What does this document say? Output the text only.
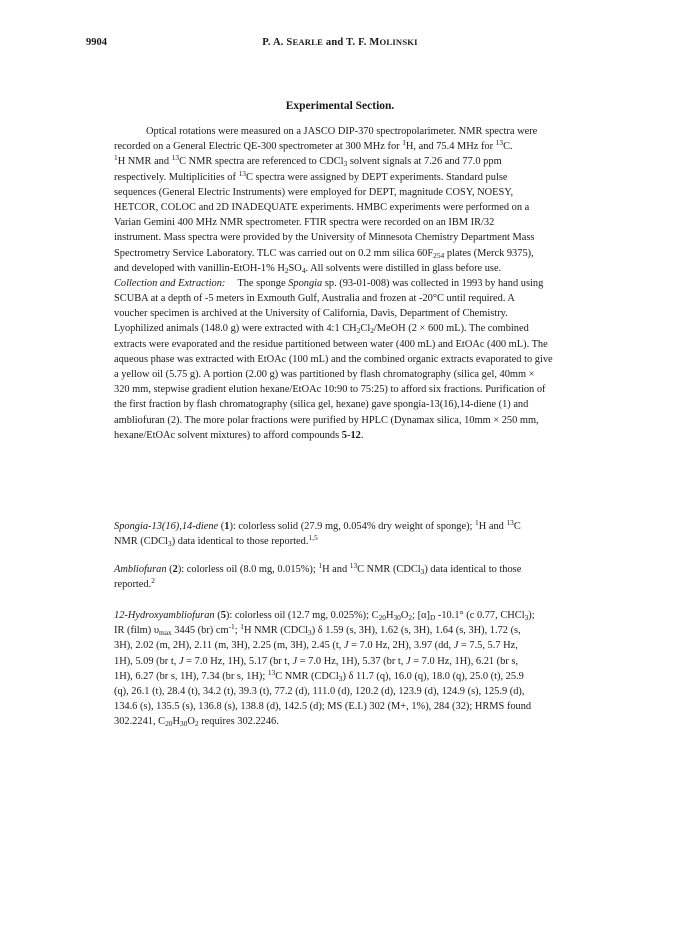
9904	P. A. SEARLE and T. F. MOLINSKI
Experimental Section.
Optical rotations were measured on a JASCO DIP-370 spectropolarimeter. NMR spectra were
recorded on a General Electric QE-300 spectrometer at 300 MHz for $^1$H, and 75.4 MHz for $^{13}$C.
$^1$H NMR and $^{13}$C NMR spectra are referenced to CDCl$_3$ solvent signals at 7.26 and 77.0 ppm
respectively. Multiplicities of $^{13}$C spectra were assigned by DEPT experiments. Standard pulse
sequences (General Electric Instruments) were employed for DEPT, magnitude COSY, NOESY,
HETCOR, COLOC and 2D INADEQUATE experiments. HMBC experiments were performed on a
Varian Gemini 400 MHz NMR spectrometer. FTIR spectra were recorded on an IBM IR/32
instrument. Mass spectra were provided by the University of Minnesota Chemistry Department Mass
Spectrometry Service Laboratory. TLC was carried out on 0.2 mm silica $60F_{254}$ plates (Merck 9375),
and developed with vanillin-EtOH-1% $H_2SO_4$. All solvents were distilled in glass before use.
Collection and Extraction: The sponge Spongia sp. (93-01-008) was collected in 1993 by hand using
SCUBA at a depth of -5 meters in Exmouth Gulf, Australia and frozen at -20°C until required. A
voucher specimen is archived at the University of California, Davis, Department of Chemistry.
Lyophilized animals (148.0 g) were extracted with 4:1 $CH_2Cl_2$/MeOH (2 × 600 mL). The combined
extracts were evaporated and the residue partitioned between water (400 mL) and EtOAc (400 mL). The
aqueous phase was extracted with EtOAc (100 mL) and the combined organic extracts evaporated to give
a yellow oil (5.75 g). A portion (2.00 g) was partitioned by flash chromatography (silica gel, 40mm ×
320 mm, stepwise gradient elution hexane/EtOAc 10:90 to 75:25) to afford six fractions. Purification of
the first fraction by flash chromatography (silica gel, hexane) gave spongia-13(16),14-diene (1) and
ambliofuran (2). The more polar fractions were purified by HPLC (Dynamax silica, 10mm × 250 mm,
hexane/EtOAc solvent mixtures) to afford compounds 5-12.
Spongia-13(16),14-diene (1): colorless solid (27.9 mg, 0.054% dry weight of sponge); $^1$H and $^{13}$C
NMR (CDCl$_3$) data identical to those reported.$^{1,5}$
Ambliofuran (2): colorless oil (8.0 mg, 0.015%); $^1$H and $^{13}$C NMR (CDCl$_3$) data identical to those
reported.$^2$
12-Hydroxyambliofuran (5): colorless oil (12.7 mg, 0.025%); $C_{20}H_{30}O_2$; $[\alpha]_D$ -10.1° (c 0.77, CHCl$_3$);
IR (film) $\upsilon_{max}$ 3445 (br) $cm^{-1}$; $^1$H NMR (CDCl$_3$) δ 1.59 (s, 3H), 1.62 (s, 3H), 1.64 (s, 3H), 1.72 (s,
3H), 2.02 (m, 2H), 2.11 (m, 3H), 2.25 (m, 3H), 2.45 (t, J = 7.0 Hz, 2H), 3.97 (dd, J = 7.5, 5.7 Hz,
1H), 5.09 (br t, J = 7.0 Hz, 1H), 5.17 (br t, J = 7.0 Hz, 1H), 5.37 (br t, J = 7.0 Hz, 1H), 6.21 (br s,
1H), 6.27 (br s, 1H), 7.34 (br s, 1H); $^{13}$C NMR (CDCl$_3$) δ 11.7 (q), 16.0 (q), 18.0 (q), 25.0 (t), 25.9
(q), 26.1 (t), 28.4 (t), 34.2 (t), 39.3 (t), 77.2 (d), 111.0 (d), 120.2 (d), 123.9 (d), 124.9 (s), 125.9 (d),
134.6 (s), 135.5 (s), 136.8 (s), 138.8 (d), 142.5 (d); MS (E.I.) 302 (M+, 1%), 284 (32); HRMS found
302.2241, $C_{20}H_{30}O_2$ requires 302.2246.
